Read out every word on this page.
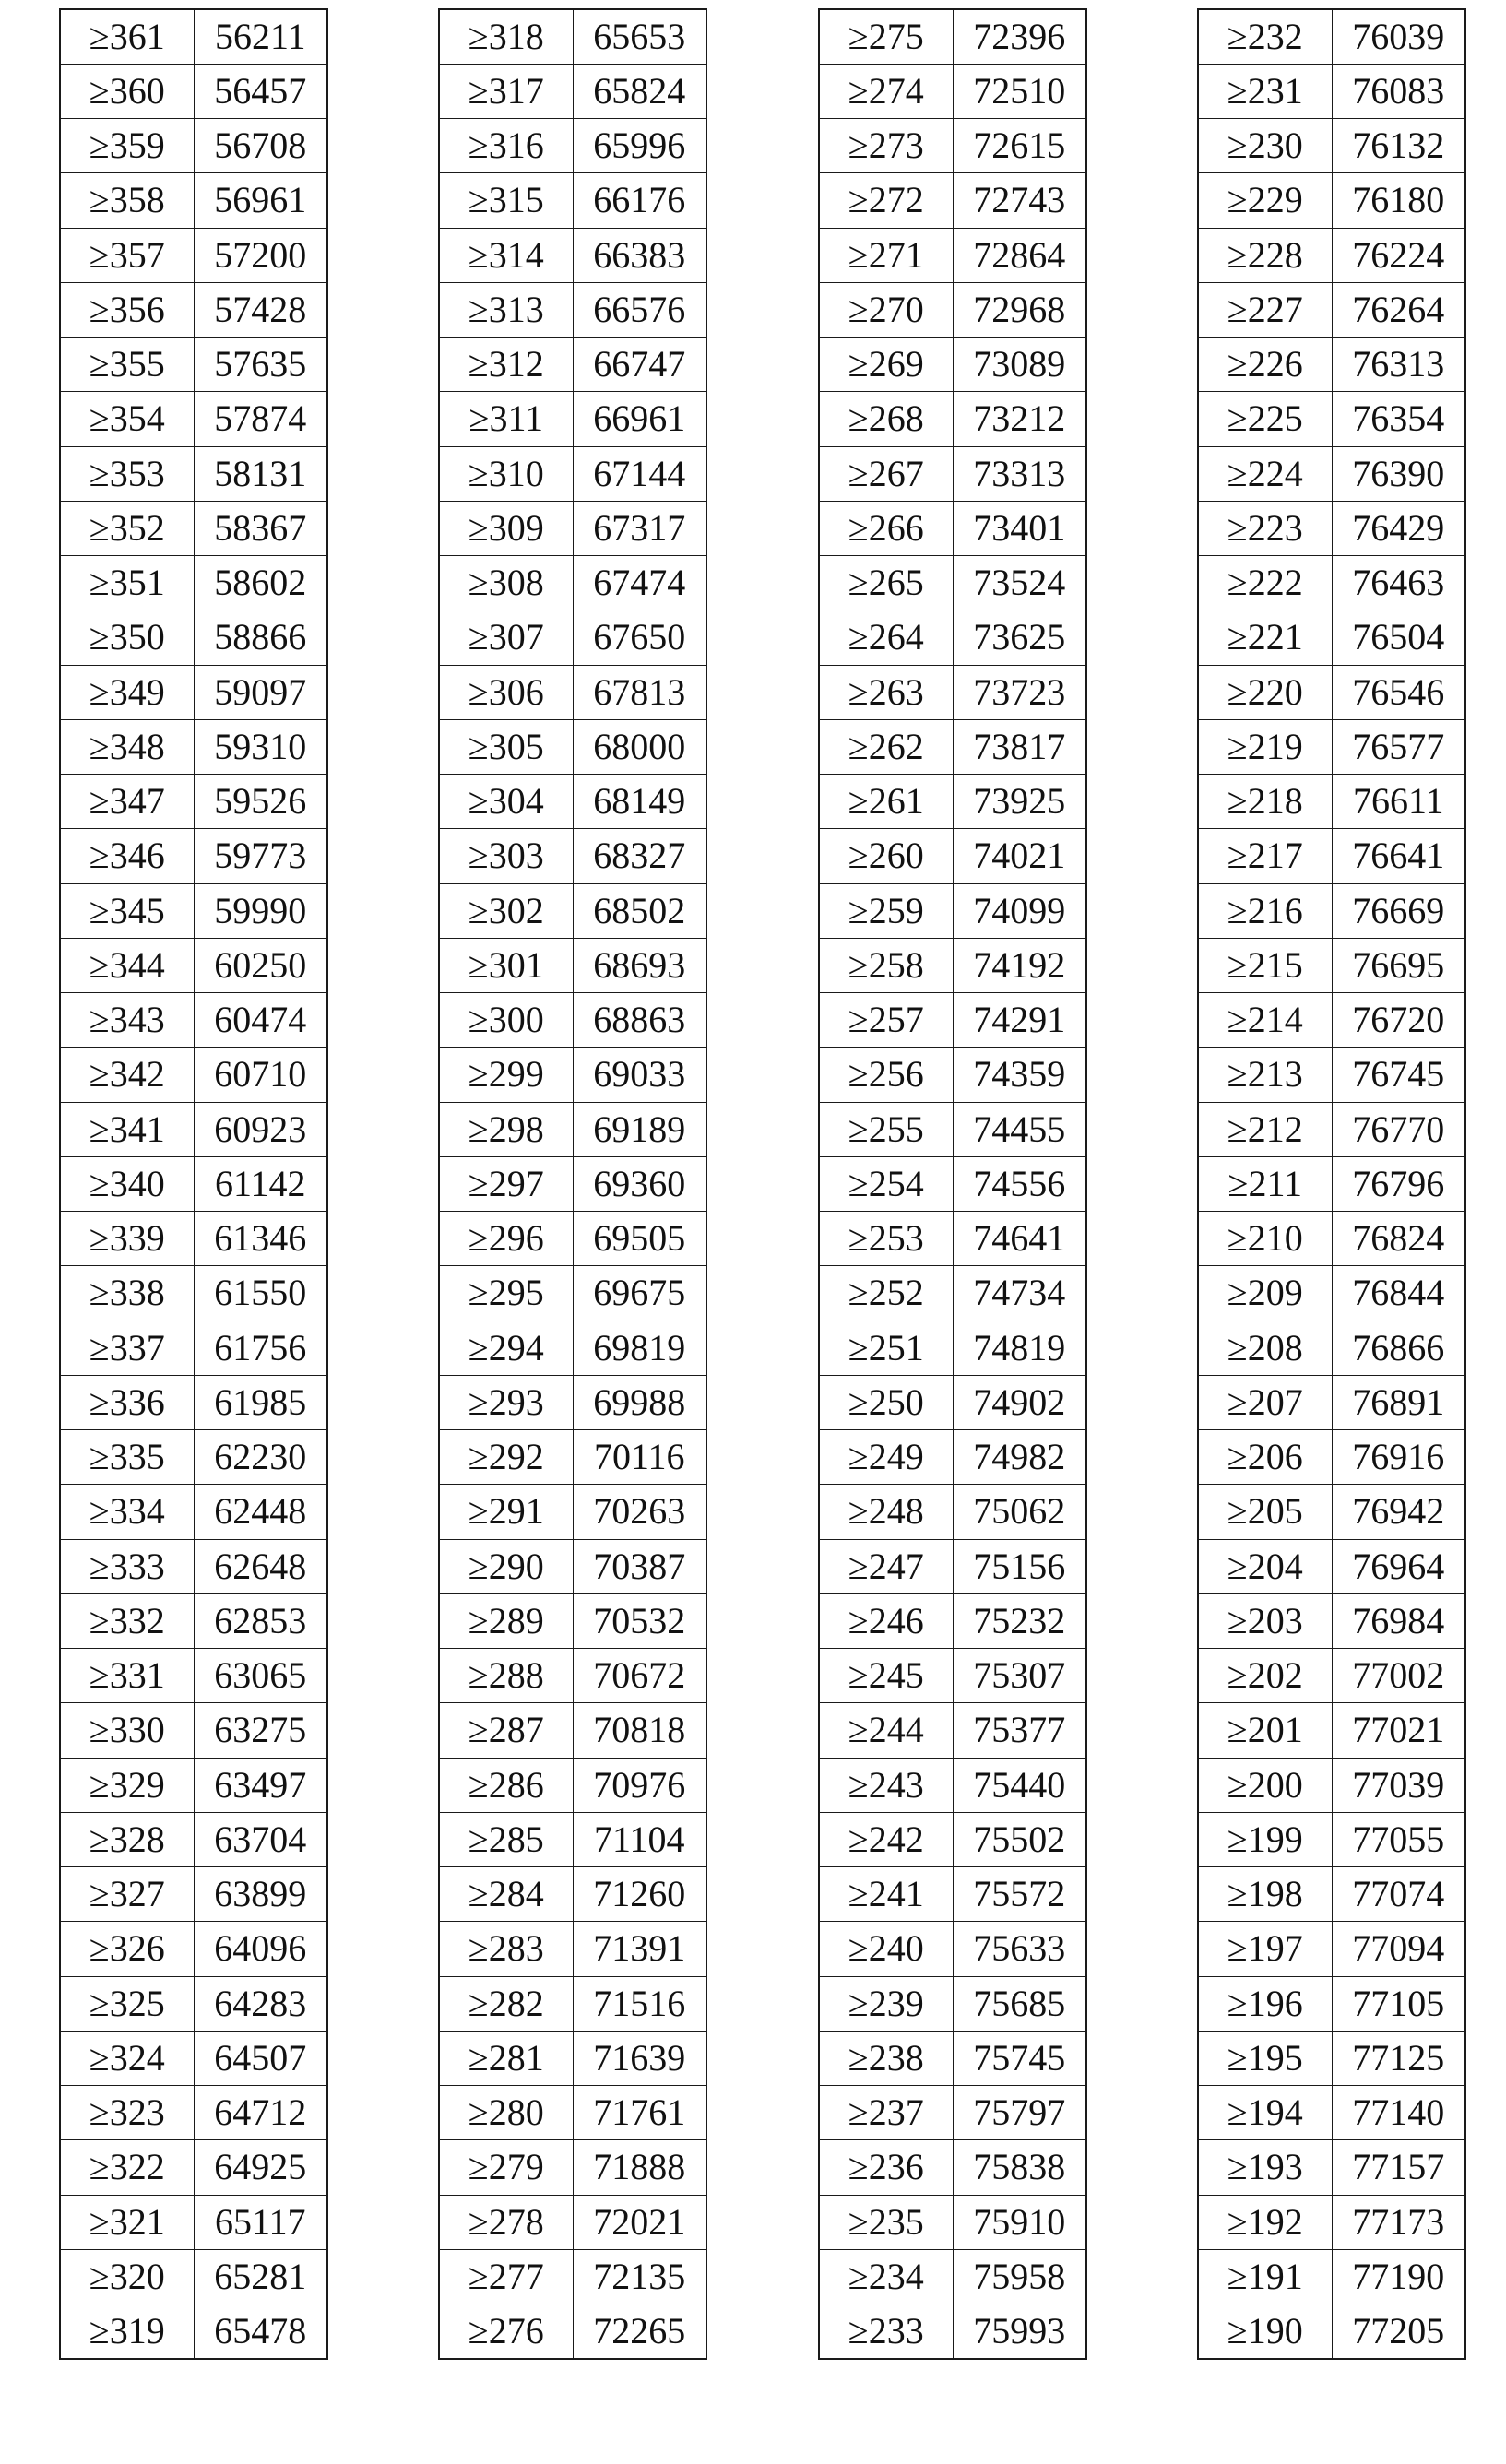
≥361	56211
≥360	56457
≥359	56708
≥358	56961
≥357	57200
≥356	57428
≥355	57635
≥354	57874
≥353	58131
≥352	58367
≥351	58602
≥350	58866
≥349	59097
≥348	59310
≥347	59526
≥346	59773
≥345	59990
≥344	60250
≥343	60474
≥342	60710
≥341	60923
≥340	61142
≥339	61346
≥338	61550
≥337	61756
≥336	61985
≥335	62230
≥334	62448
≥333	62648
≥332	62853
≥331	63065
≥330	63275
≥329	63497
≥328	63704
≥327	63899
≥326	64096
≥325	64283
≥324	64507
≥323	64712
≥322	64925
≥321	65117
≥320	65281
≥319	65478
≥318	65653
≥317	65824
≥316	65996
≥315	66176
≥314	66383
≥313	66576
≥312	66747
≥311	66961
≥310	67144
≥309	67317
≥308	67474
≥307	67650
≥306	67813
≥305	68000
≥304	68149
≥303	68327
≥302	68502
≥301	68693
≥300	68863
≥299	69033
≥298	69189
≥297	69360
≥296	69505
≥295	69675
≥294	69819
≥293	69988
≥292	70116
≥291	70263
≥290	70387
≥289	70532
≥288	70672
≥287	70818
≥286	70976
≥285	71104
≥284	71260
≥283	71391
≥282	71516
≥281	71639
≥280	71761
≥279	71888
≥278	72021
≥277	72135
≥276	72265
≥275	72396
≥274	72510
≥273	72615
≥272	72743
≥271	72864
≥270	72968
≥269	73089
≥268	73212
≥267	73313
≥266	73401
≥265	73524
≥264	73625
≥263	73723
≥262	73817
≥261	73925
≥260	74021
≥259	74099
≥258	74192
≥257	74291
≥256	74359
≥255	74455
≥254	74556
≥253	74641
≥252	74734
≥251	74819
≥250	74902
≥249	74982
≥248	75062
≥247	75156
≥246	75232
≥245	75307
≥244	75377
≥243	75440
≥242	75502
≥241	75572
≥240	75633
≥239	75685
≥238	75745
≥237	75797
≥236	75838
≥235	75910
≥234	75958
≥233	75993
≥232	76039
≥231	76083
≥230	76132
≥229	76180
≥228	76224
≥227	76264
≥226	76313
≥225	76354
≥224	76390
≥223	76429
≥222	76463
≥221	76504
≥220	76546
≥219	76577
≥218	76611
≥217	76641
≥216	76669
≥215	76695
≥214	76720
≥213	76745
≥212	76770
≥211	76796
≥210	76824
≥209	76844
≥208	76866
≥207	76891
≥206	76916
≥205	76942
≥204	76964
≥203	76984
≥202	77002
≥201	77021
≥200	77039
≥199	77055
≥198	77074
≥197	77094
≥196	77105
≥195	77125
≥194	77140
≥193	77157
≥192	77173
≥191	77190
≥190	77205
